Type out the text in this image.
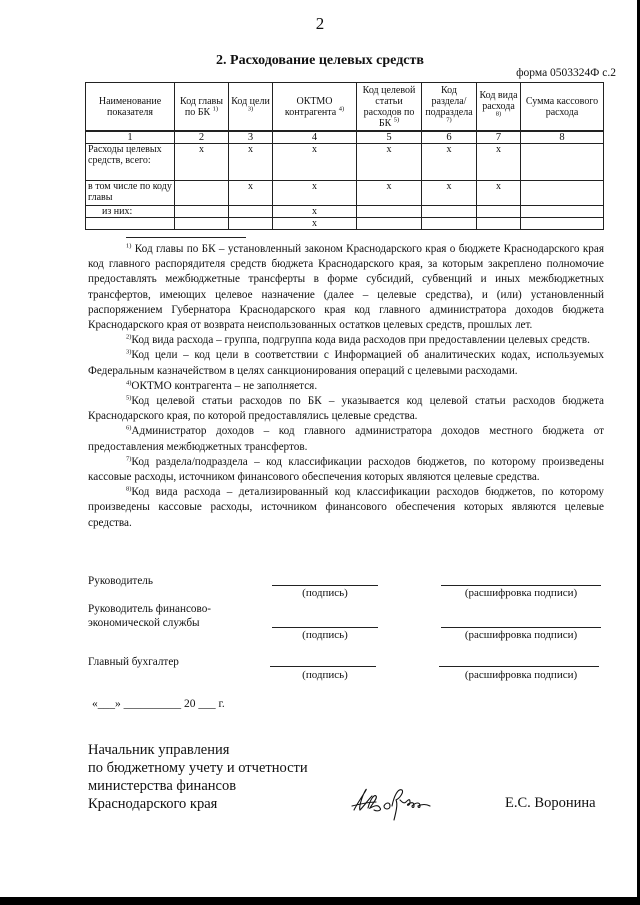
2
2. Расходование целевых средств
форма 0503324Ф с.2
Наименование показателя	Код главы по БК $^{1)}$	Код цели $^{3)}$	ОКТМО контрагента $^{4)}$	Код целевой статьи расходов по БК $^{5)}$	Код раздела/ подраздела $^{7)}$	Код вида расхода $^{8)}$	Сумма кассового расхода
1	2	3	4	5	6	7	8
Расходы целевых средств, всего:	x	x	x	x	x	x	
в том числе по коду главы		x	x	x	x	x	
из них:			x				
			x				

$^{1)}$ Код главы по БК – установленный законом Краснодарского края о бюджете Краснодарского края код главного распорядителя средств бюджета Краснодарского края, за которым закреплено полномочие предоставлять межбюджетные трансферты в форме субсидий, субвенций и иных межбюджетных трансфертов, имеющих целевое назначение (далее – целевые средства), и (или) установленный распоряжением Губернатора Краснодарского края код главного администратора доходов бюджета Краснодарского края от возврата неиспользованных остатков целевых средств, прошлых лет.

$^{2)}$Код вида расхода – группа, подгруппа кода вида расходов при предоставлении целевых средств.

$^{3)}$Код цели – код цели в соответствии с Информацией об аналитических кодах, используемых Федеральным казначейством в целях санкционирования операций с целевыми расходами.

$^{4)}$ОКТМО контрагента – не заполняется.

$^{5)}$Код целевой статьи расходов по БК – указывается код целевой статьи расходов бюджета Краснодарского края, по которой предоставлялись целевые средства.

$^{6)}$Администратор доходов – код главного администратора доходов местного бюджета от предоставления межбюджетных трансфертов.

$^{7)}$Код раздела/подраздела – код классификации расходов бюджетов, по которому произведены кассовые расходы, источником финансового обеспечения которых являются целевые средства.

$^{8)}$Код вида расхода – детализированный код классификации расходов бюджетов, по которому произведены кассовые расходы, источником финансового обеспечения которых являются целевые средства.

Руководитель
(подпись)	(расшифровка подписи)
Руководитель финансово-
экономической службы
(подпись)	(расшифровка подписи)
Главный бухгалтер
(подпись)	(расшифровка подписи)
«___» __________ 20 ___ г.
Начальник управления
по бюджетному учету и отчетности
министерства финансов
Краснодарского края	Е.С. Воронина
